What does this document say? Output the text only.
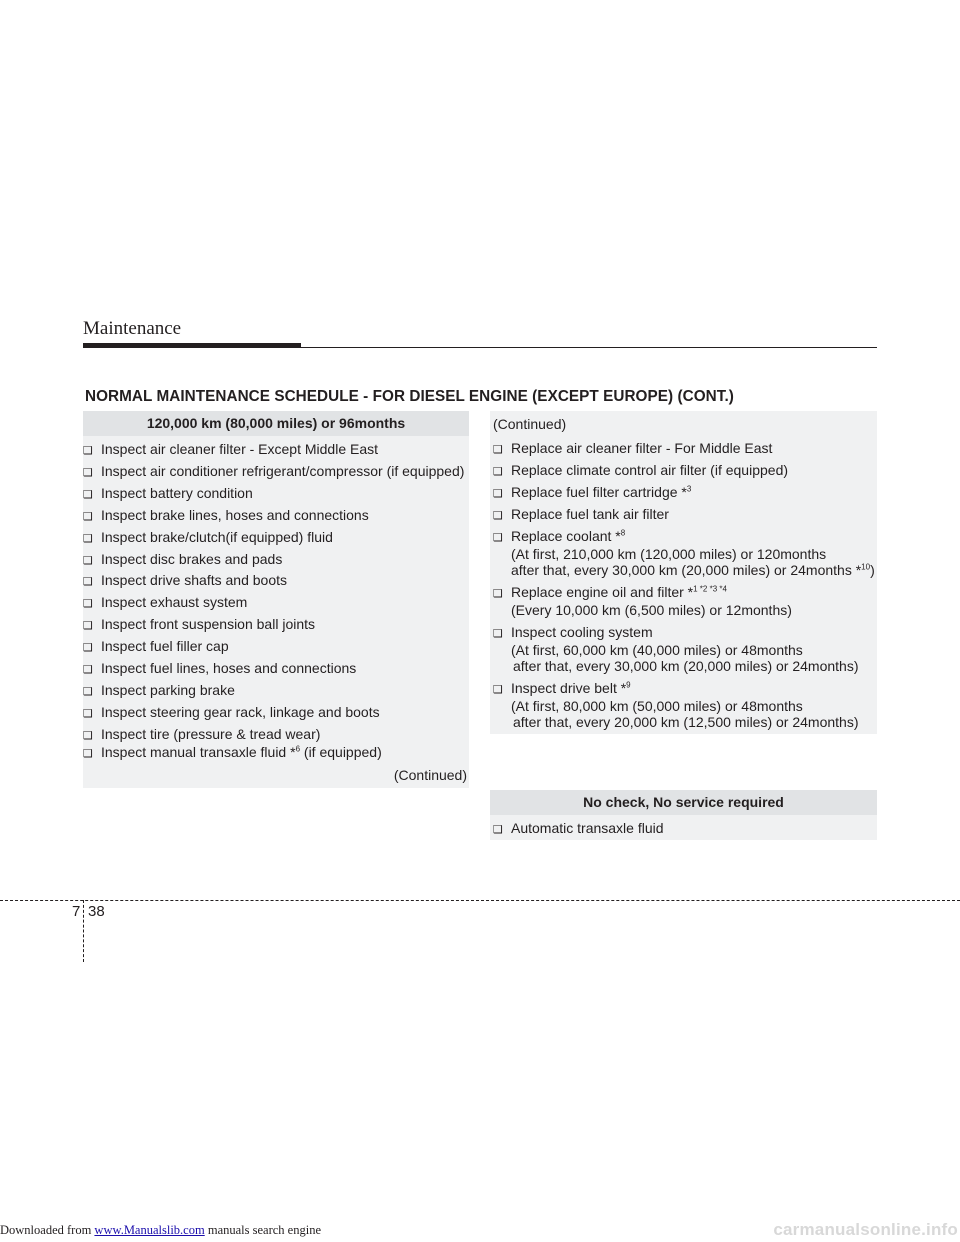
Maintenance
NORMAL MAINTENANCE SCHEDULE - FOR DIESEL ENGINE (EXCEPT EUROPE) (CONT.)
120,000 km (80,000 miles) or 96months
❑ Inspect air cleaner filter - Except Middle East
❑ Inspect air conditioner refrigerant/compressor (if equipped)
❑ Inspect battery condition
❑ Inspect brake lines, hoses and connections
❑ Inspect brake/clutch(if equipped) fluid
❑ Inspect disc brakes and pads
❑ Inspect drive shafts and boots
❑ Inspect exhaust system
❑ Inspect front suspension ball joints
❑ Inspect fuel filler cap
❑ Inspect fuel lines, hoses and connections
❑ Inspect parking brake
❑ Inspect steering gear rack, linkage and boots
❑ Inspect tire (pressure & tread wear)
❑ Inspect manual transaxle fluid *$^6$ (if equipped)
(Continued)
(Continued)
❑ Replace air cleaner filter - For Middle East
❑ Replace climate control air filter (if equipped)
❑ Replace fuel filter cartridge *$^3$
❑ Replace fuel tank air filter
❑ Replace coolant *$^8$
(At first, 210,000 km (120,000 miles) or 120months
after that, every 30,000 km (20,000 miles) or 24months *$^{10}$)
❑ Replace engine oil and filter *$^{1 *2 *3 *4}$
(Every 10,000 km (6,500 miles) or 12months)
❑ Inspect cooling system
(At first, 60,000 km (40,000 miles) or 48months
after that, every 30,000 km (20,000 miles) or 24months)
❑ Inspect drive belt *$^9$
(At first, 80,000 km (50,000 miles) or 48months
after that, every 20,000 km (12,500 miles) or 24months)
No check, No service required
❑ Automatic transaxle fluid
7 38
Downloaded from www.Manualslib.com manuals search engine	carmanualsonline.info
